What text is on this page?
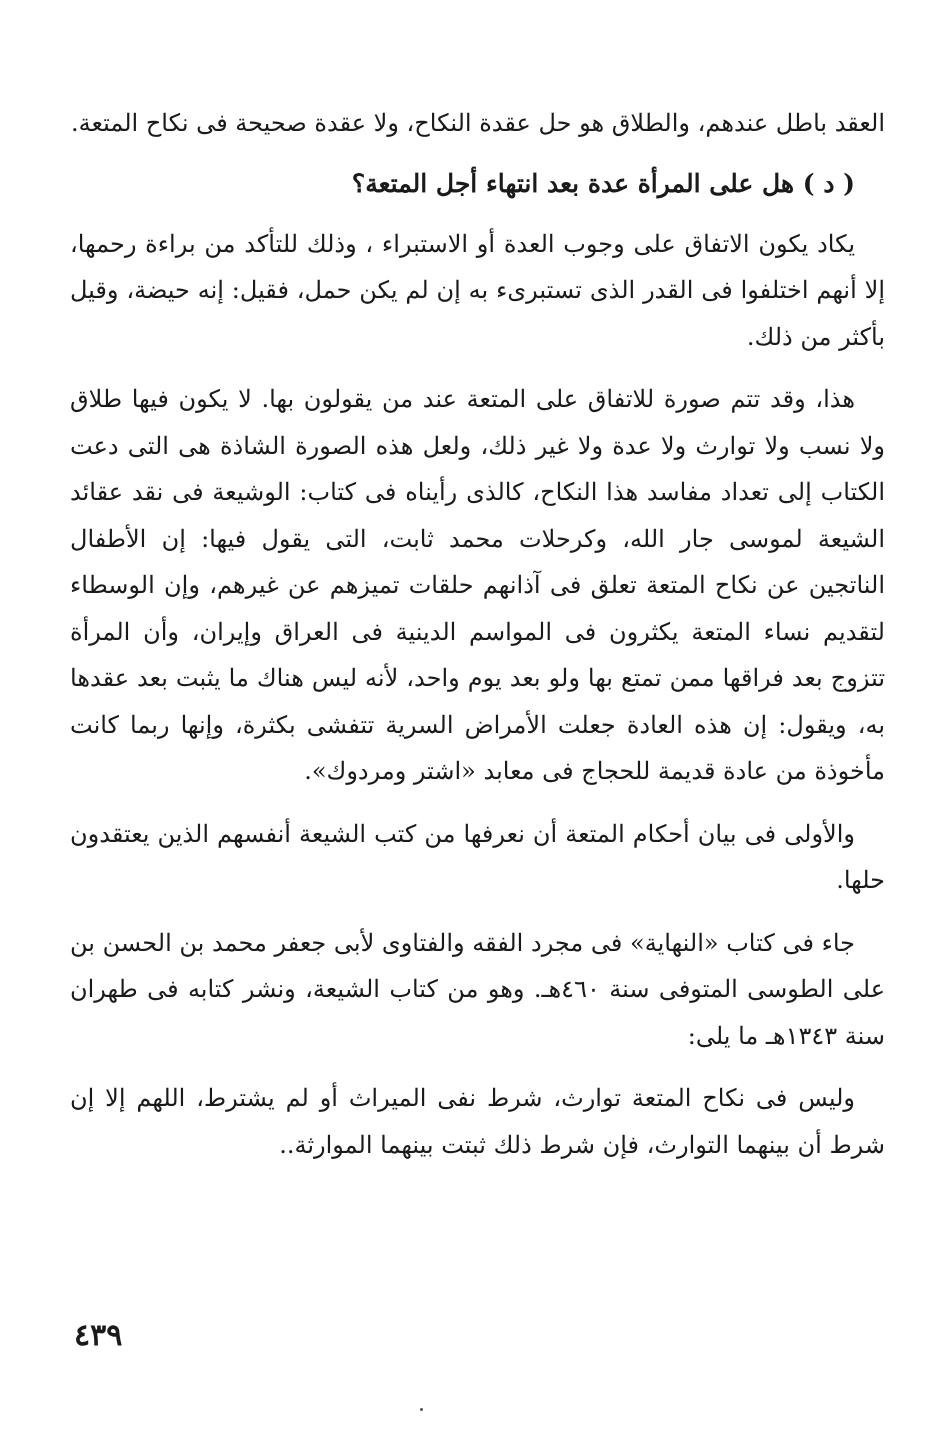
العقد باطل عندهم، والطلاق هو حل عقدة النكاح، ولا عقدة صحيحة فى نكاح المتعة.

( د ) هل على المرأة عدة بعد انتهاء أجل المتعة؟

يكاد يكون الاتفاق على وجوب العدة أو الاستبراء ، وذلك للتأكد من براءة رحمها، إلا أنهم اختلفوا فى القدر الذى تستبرىء به إن لم يكن حمل، فقيل: إنه حيضة، وقيل بأكثر من ذلك.

هذا، وقد تتم صورة للاتفاق على المتعة عند من يقولون بها. لا يكون فيها طلاق ولا نسب ولا توارث ولا عدة ولا غير ذلك، ولعل هذه الصورة الشاذة هى التى دعت الكتاب إلى تعداد مفاسد هذا النكاح، كالذى رأيناه فى كتاب: الوشيعة فى نقد عقائد الشيعة لموسى جار الله، وكرحلات محمد ثابت، التى يقول فيها: إن الأطفال الناتجين عن نكاح المتعة تعلق فى آذانهم حلقات تميزهم عن غيرهم، وإن الوسطاء لتقديم نساء المتعة يكثرون فى المواسم الدينية فى العراق وإيران، وأن المرأة تتزوج بعد فراقها ممن تمتع بها ولو بعد يوم واحد، لأنه ليس هناك ما يثبت بعد عقدها به، ويقول: إن هذه العادة جعلت الأمراض السرية تتفشى بكثرة، وإنها ربما كانت مأخوذة من عادة قديمة للحجاج فى معابد «اشتر ومردوك».

والأولى فى بيان أحكام المتعة أن نعرفها من كتب الشيعة أنفسهم الذين يعتقدون حلها.

جاء فى كتاب «النهاية» فى مجرد الفقه والفتاوى لأبى جعفر محمد بن الحسن بن على الطوسى المتوفى سنة ٤٦٠هـ. وهو من كتاب الشيعة، ونشر كتابه فى طهران سنة ١٣٤٣هـ ما يلى:

وليس فى نكاح المتعة توارث، شرط نفى الميراث أو لم يشترط، اللهم إلا إن شرط أن بينهما التوارث، فإن شرط ذلك ثبتت بينهما الموارثة..

٤٣٩
